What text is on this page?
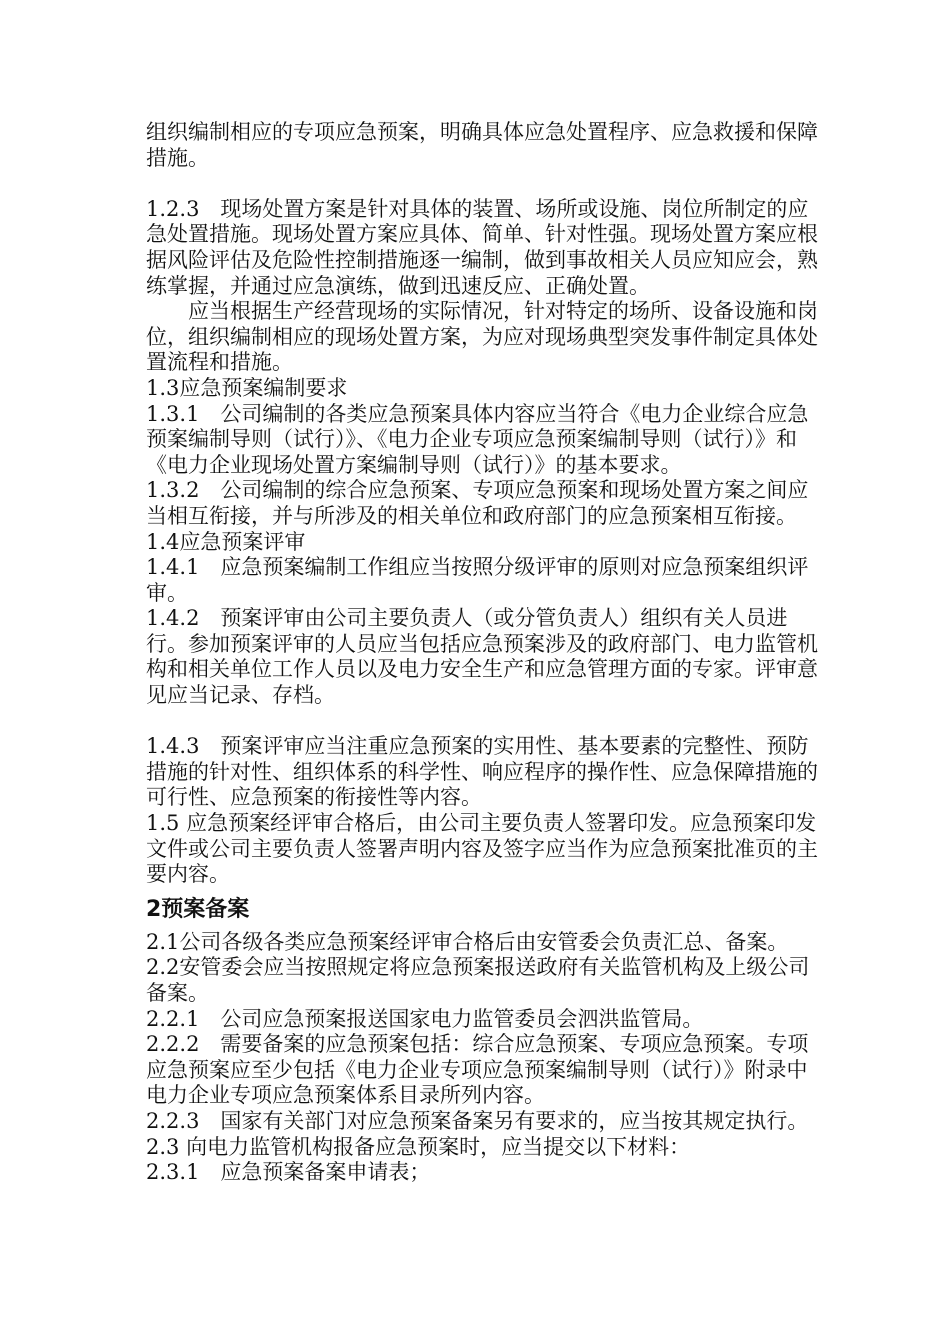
组织编制相应的专项应急预案，明确具体应急处置程序、应急救援和保障措施。

1.2.3　现场处置方案是针对具体的装置、场所或设施、岗位所制定的应急处置措施。现场处置方案应具体、简单、针对性强。现场处置方案应根据风险评估及危险性控制措施逐一编制，做到事故相关人员应知应会，熟练掌握，并通过应急演练，做到迅速反应、正确处置。

应当根据生产经营现场的实际情况，针对特定的场所、设备设施和岗位，组织编制相应的现场处置方案，为应对现场典型突发事件制定具体处置流程和措施。

1.3应急预案编制要求

1.3.1　公司编制的各类应急预案具体内容应当符合《电力企业综合应急预案编制导则（试行）》、《电力企业专项应急预案编制导则（试行）》和《电力企业现场处置方案编制导则（试行）》的基本要求。

1.3.2　公司编制的综合应急预案、专项应急预案和现场处置方案之间应当相互衔接，并与所涉及的相关单位和政府部门的应急预案相互衔接。

1.4应急预案评审

1.4.1　应急预案编制工作组应当按照分级评审的原则对应急预案组织评审。

1.4.2　预案评审由公司主要负责人（或分管负责人）组织有关人员进行。参加预案评审的人员应当包括应急预案涉及的政府部门、电力监管机构和相关单位工作人员以及电力安全生产和应急管理方面的专家。评审意见应当记录、存档。

1.4.3　预案评审应当注重应急预案的实用性、基本要素的完整性、预防措施的针对性、组织体系的科学性、响应程序的操作性、应急保障措施的可行性、应急预案的衔接性等内容。

1.5 应急预案经评审合格后，由公司主要负责人签署印发。应急预案印发文件或公司主要负责人签署声明内容及签字应当作为应急预案批准页的主要内容。

2预案备案

2.1公司各级各类应急预案经评审合格后由安管委会负责汇总、备案。

2.2安管委会应当按照规定将应急预案报送政府有关监管机构及上级公司备案。

2.2.1　公司应急预案报送国家电力监管委员会泗洪监管局。

2.2.2　需要备案的应急预案包括：综合应急预案、专项应急预案。专项应急预案应至少包括《电力企业专项应急预案编制导则（试行）》附录中电力企业专项应急预案体系目录所列内容。

2.2.3　国家有关部门对应急预案备案另有要求的，应当按其规定执行。

2.3 向电力监管机构报备应急预案时，应当提交以下材料：

2.3.1　应急预案备案申请表；
